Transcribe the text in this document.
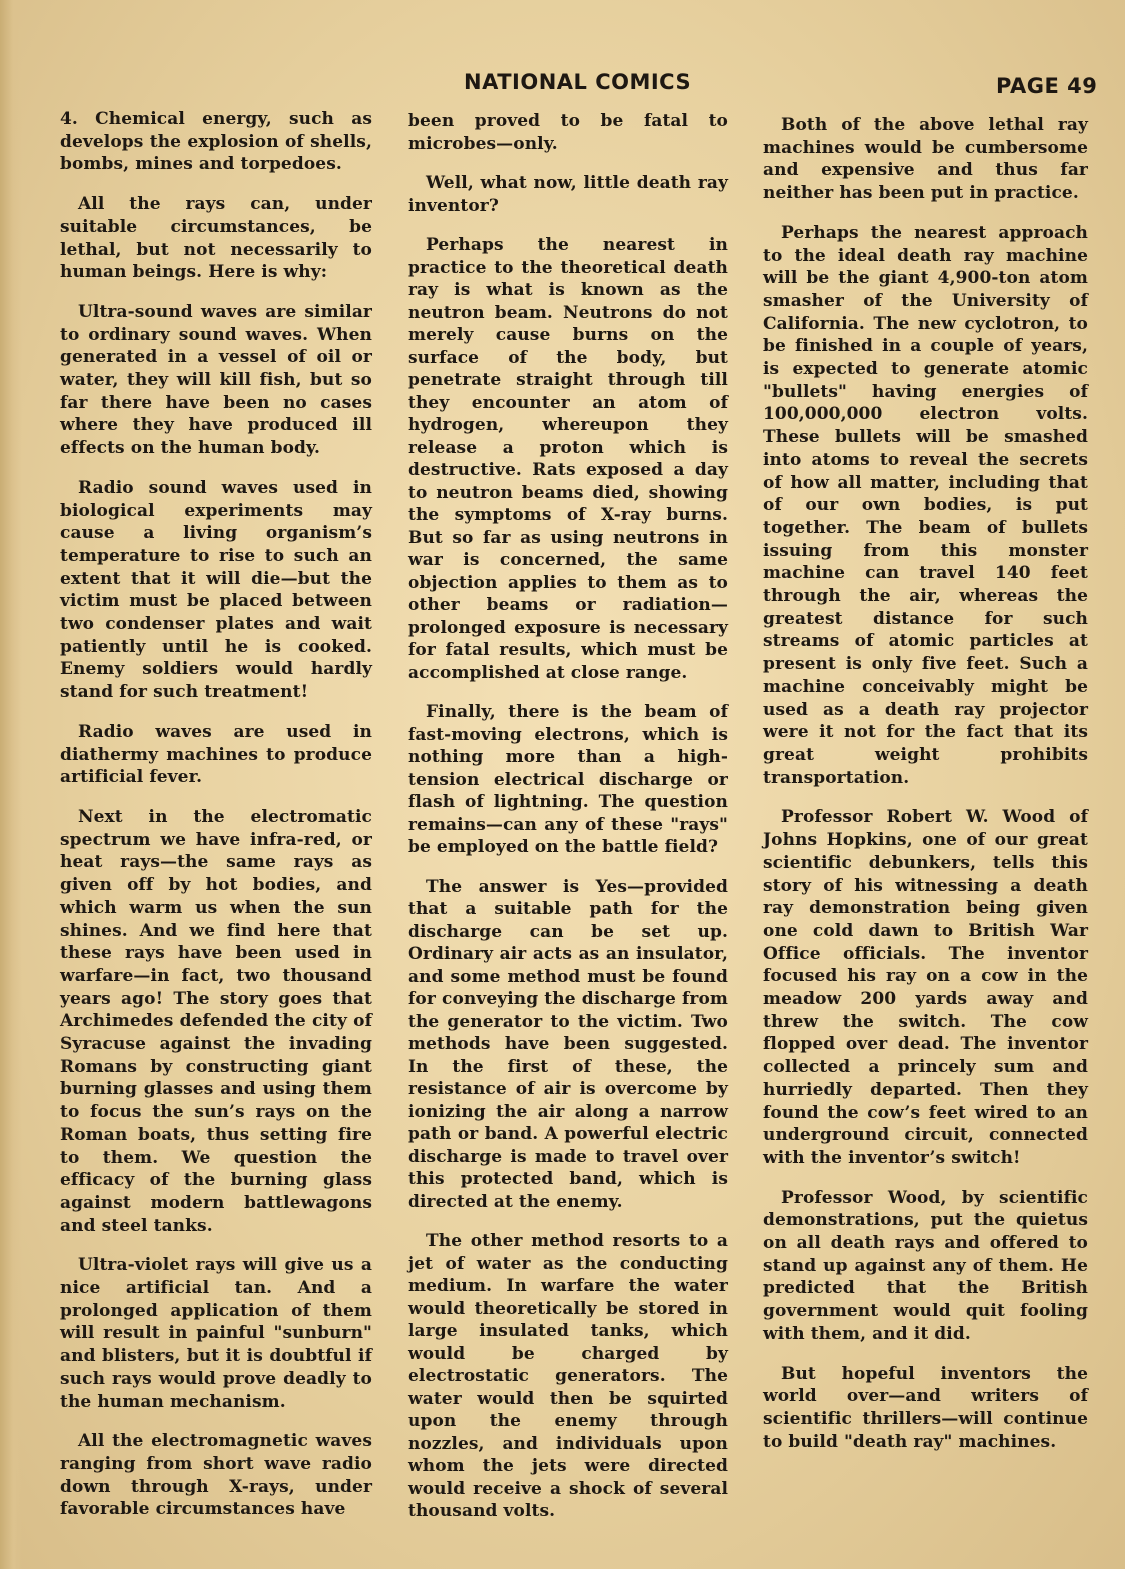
NATIONAL COMICS	PAGE 49

4. Chemical energy, such as develops the explosion of shells, bombs, mines and torpedoes.

All the rays can, under suitable circumstances, be lethal, but not necessarily to human beings. Here is why:

Ultra-sound waves are similar to ordinary sound waves. When generated in a vessel of oil or water, they will kill fish, but so far there have been no cases where they have produced ill effects on the human body.

Radio sound waves used in biological experiments may cause a living organism’s temperature to rise to such an extent that it will die—but the victim must be placed between two condenser plates and wait patiently until he is cooked. Enemy soldiers would hardly stand for such treatment!

Radio waves are used in diathermy machines to produce artificial fever.

Next in the electromatic spectrum we have infra-red, or heat rays—the same rays as given off by hot bodies, and which warm us when the sun shines. And we find here that these rays have been used in warfare—in fact, two thousand years ago! The story goes that Archimedes defended the city of Syracuse against the invading Romans by constructing giant burning glasses and using them to focus the sun’s rays on the Roman boats, thus setting fire to them. We question the efficacy of the burning glass against modern battlewagons and steel tanks.

Ultra-violet rays will give us a nice artificial tan. And a prolonged application of them will result in painful "sunburn" and blisters, but it is doubtful if such rays would prove deadly to the human mechanism.

All the electromagnetic waves ranging from short wave radio down through X-rays, under favorable circumstances have

been proved to be fatal to microbes—only.

Well, what now, little death ray inventor?

Perhaps the nearest in practice to the theoretical death ray is what is known as the neutron beam. Neutrons do not merely cause burns on the surface of the body, but penetrate straight through till they encounter an atom of hydrogen, whereupon they release a proton which is destructive. Rats exposed a day to neutron beams died, showing the symptoms of X-ray burns. But so far as using neutrons in war is concerned, the same objection applies to them as to other beams or radiation—prolonged exposure is necessary for fatal results, which must be accomplished at close range.

Finally, there is the beam of fast-moving electrons, which is nothing more than a high-tension electrical discharge or flash of lightning. The question remains—can any of these "rays" be employed on the battle field?

The answer is Yes—provided that a suitable path for the discharge can be set up. Ordinary air acts as an insulator, and some method must be found for conveying the discharge from the generator to the victim. Two methods have been suggested. In the first of these, the resistance of air is overcome by ionizing the air along a narrow path or band. A powerful electric discharge is made to travel over this protected band, which is directed at the enemy.

The other method resorts to a jet of water as the conducting medium. In warfare the water would theoretically be stored in large insulated tanks, which would be charged by electrostatic generators. The water would then be squirted upon the enemy through nozzles, and individuals upon whom the jets were directed would receive a shock of several thousand volts.

Both of the above lethal ray machines would be cumbersome and expensive and thus far neither has been put in practice.

Perhaps the nearest approach to the ideal death ray machine will be the giant 4,900-ton atom smasher of the University of California. The new cyclotron, to be finished in a couple of years, is expected to generate atomic "bullets" having energies of 100,000,000 electron volts. These bullets will be smashed into atoms to reveal the secrets of how all matter, including that of our own bodies, is put together. The beam of bullets issuing from this monster machine can travel 140 feet through the air, whereas the greatest distance for such streams of atomic particles at present is only five feet. Such a machine conceivably might be used as a death ray projector were it not for the fact that its great weight prohibits transportation.

Professor Robert W. Wood of Johns Hopkins, one of our great scientific debunkers, tells this story of his witnessing a death ray demonstration being given one cold dawn to British War Office officials. The inventor focused his ray on a cow in the meadow 200 yards away and threw the switch. The cow flopped over dead. The inventor collected a princely sum and hurriedly departed. Then they found the cow’s feet wired to an underground circuit, connected with the inventor’s switch!

Professor Wood, by scientific demonstrations, put the quietus on all death rays and offered to stand up against any of them. He predicted that the British government would quit fooling with them, and it did.

But hopeful inventors the world over—and writers of scientific thrillers—will continue to build "death ray" machines.
